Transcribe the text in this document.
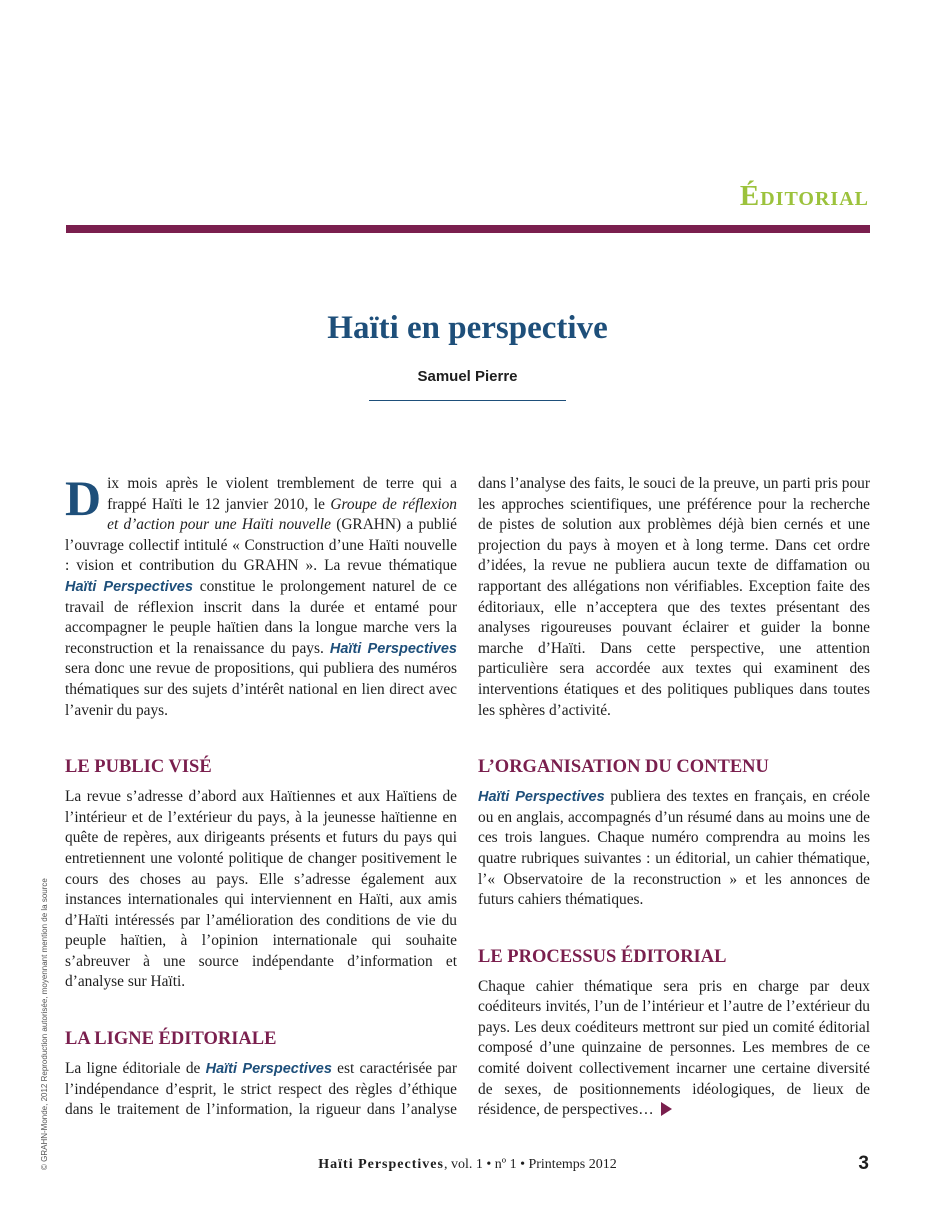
Éditorial
Haïti en perspective
Samuel Pierre

Dix mois après le violent tremblement de terre qui a frappé Haïti le 12 janvier 2010, le Groupe de réflexion et d’action pour une Haïti nouvelle (GRAHN) a publié l’ouvrage collectif intitulé « Construction d’une Haïti nouvelle : vision et contribution du GRAHN ». La revue thématique Haïti Perspectives constitue le prolongement naturel de ce travail de réflexion inscrit dans la durée et entamé pour accompagner le peuple haïtien dans la longue marche vers la reconstruction et la renaissance du pays. Haïti Perspectives sera donc une revue de propositions, qui publiera des numéros thématiques sur des sujets d’intérêt national en lien direct avec l’avenir du pays.

LE PUBLIC VISÉ

La revue s’adresse d’abord aux Haïtiennes et aux Haïtiens de l’intérieur et de l’extérieur du pays, à la jeunesse haïtienne en quête de repères, aux dirigeants présents et futurs du pays qui entretiennent une volonté politique de changer positivement le cours des choses au pays. Elle s’adresse également aux instances internationales qui interviennent en Haïti, aux amis d’Haïti intéressés par l’amélioration des conditions de vie du peuple haïtien, à l’opinion internationale qui souhaite s’abreuver à une source indépendante d’information et d’analyse sur Haïti.

LA LIGNE ÉDITORIALE

La ligne éditoriale de Haïti Perspectives est caractérisée par l’indépendance d’esprit, le strict respect des règles d’éthique dans le traitement de l’information, la rigueur dans l’analyse

dans l’analyse des faits, le souci de la preuve, un parti pris pour les approches scientifiques, une préférence pour la recherche de pistes de solution aux problèmes déjà bien cernés et une projection du pays à moyen et à long terme. Dans cet ordre d’idées, la revue ne publiera aucun texte de diffamation ou rapportant des allégations non vérifiables. Exception faite des éditoriaux, elle n’acceptera que des textes présentant des analyses rigoureuses pouvant éclairer et guider la bonne marche d’Haïti. Dans cette perspective, une attention particulière sera accordée aux textes qui examinent des interventions étatiques et des politiques publiques dans toutes les sphères d’activité.

L’ORGANISATION DU CONTENU

Haïti Perspectives publiera des textes en français, en créole ou en anglais, accompagnés d’un résumé dans au moins une de ces trois langues. Chaque numéro comprendra au moins les quatre rubriques suivantes : un éditorial, un cahier thématique, l’« Observatoire de la reconstruction » et les annonces de futurs cahiers thématiques.

LE PROCESSUS ÉDITORIAL

Chaque cahier thématique sera pris en charge par deux coéditeurs invités, l’un de l’intérieur et l’autre de l’extérieur du pays. Les deux coéditeurs mettront sur pied un comité éditorial composé d’une quinzaine de personnes. Les membres de ce comité doivent collectivement incarner une certaine diversité de sexes, de positionnements idéologiques, de lieux de résidence, de perspectives…

© GRAHN-Monde, 2012 Reproduction autorisée, moyennant mention de la source	Haïti Perspectives, vol. 1 • nº 1 • Printemps 2012	3
